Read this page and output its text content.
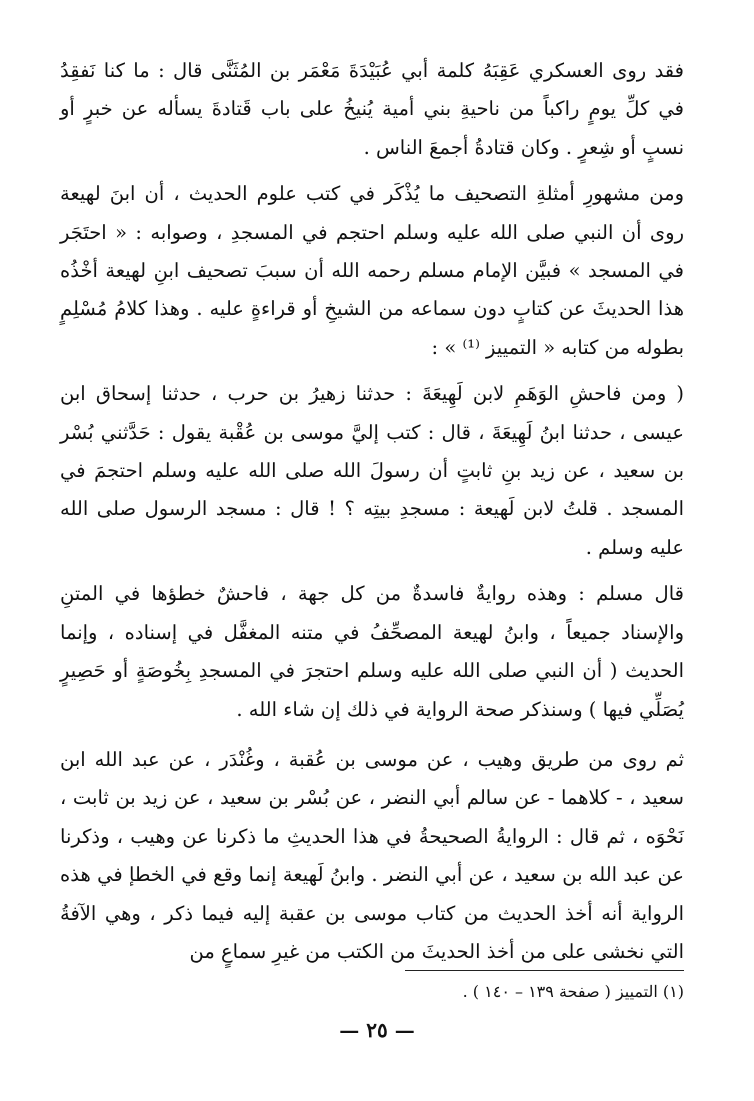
فقد روى العسكري عَقِبَهُ كلمة أبي عُبَيْدَةَ مَعْمَر بن المُثَنَّى قال : ما كنا نَفقِدُ في كلِّ يومٍ راكباً من ناحيةِ بني أمية يُنيخُ على باب قَتادةَ يسأله عن خبرٍ أو نسبٍ أو شِعرٍ . وكان قتادةُ أجمعَ الناس .

ومن مشهورِ أمثلةِ التصحيف ما يُذْكَر في كتب علوم الحديث ، أن ابنَ لهيعة روى أن النبي صلى الله عليه وسلم احتجم في المسجدِ ، وصوابه : « احتَجَر في المسجد » فبيَّن الإمام مسلم رحمه الله أن سببَ تصحيف ابنِ لهيعة أخْذُه هذا الحديثَ عن كتابٍ دون سماعه من الشيخِ أو قراءةٍ عليه . وهذا كلامُ مُسْلِمٍ بطوله من كتابه « التمييز ⁽¹⁾ » :

( ومن فاحشِ الوَهَمِ لابن لَهِيعَةَ : حدثنا زهيرُ بن حرب ، حدثنا إسحاق ابن عيسى ، حدثنا ابنُ لَهِيعَةَ ، قال : كتب إليَّ موسى بن عُقْبة يقول : حَدَّثني بُسْر بن سعيد ، عن زيد بنِ ثابتٍ أن رسولَ الله صلى الله عليه وسلم احتجمَ في المسجد . قلتُ لابن لَهيعة : مسجدِ بيتِه ؟ ! قال : مسجد الرسول صلى الله عليه وسلم .

قال مسلم : وهذه روايةٌ فاسدةٌ من كل جهة ، فاحشٌ خطؤها في المتنِ والإسناد جميعاً ، وابنُ لهيعة المصحِّفُ في متنه المغفَّل في إسناده ، وإنما الحديث ( أن النبي صلى الله عليه وسلم احتجرَ في المسجدِ بِخُوصَةٍ أو حَصِيرٍ يُصَلِّي فيها ) وسنذكر صحة الرواية في ذلك إن شاء الله .

ثم روى من طريق وهيب ، عن موسى بن عُقبة ، وغُنْدَر ، عن عبد الله ابن سعيد ، - كلاهما - عن سالم أبي النضر ، عن بُسْر بن سعيد ، عن زيد بن ثابت ، نَحْوَه ، ثم قال : الروايةُ الصحيحةُ في هذا الحديثِ ما ذكرنا عن وهيب ، وذكرنا عن عبد الله بن سعيد ، عن أبي النضر . وابنُ لَهيعة إنما وقع في الخطإ في هذه الرواية أنه أخذ الحديث من كتاب موسى بن عقبة إليه فيما ذكر ، وهي الآفةُ التي نخشى على من أخذ الحديثَ من الكتب من غيرِ سماعٍ من

(١) التمييز ( صفحة ١٣٩ – ١٤٠ ) .
— ٢٥ —
